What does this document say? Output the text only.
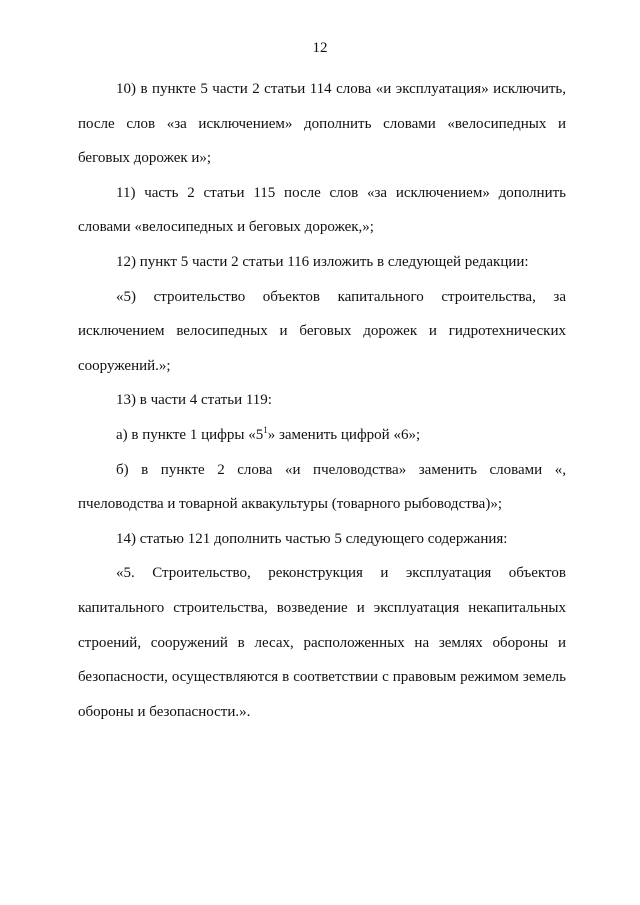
12

10) в пункте 5 части 2 статьи 114 слова «и эксплуатация» исключить, после слов «за исключением» дополнить словами «велосипедных и беговых дорожек и»;

11) часть 2 статьи 115 после слов «за исключением» дополнить словами «велосипедных и беговых дорожек,»;

12) пункт 5 части 2 статьи 116 изложить в следующей редакции:

«5) строительство объектов капитального строительства, за исключением велосипедных и беговых дорожек и гидротехнических сооружений.»;

13) в части 4 статьи 119:

а) в пункте 1 цифры «$5^1$» заменить цифрой «6»;

б) в пункте 2 слова «и пчеловодства» заменить словами «, пчеловодства и товарной аквакультуры (товарного рыбоводства)»;

14) статью 121 дополнить частью 5 следующего содержания:

«5. Строительство, реконструкция и эксплуатация объектов капитального строительства, возведение и эксплуатация некапитальных строений, сооружений в лесах, расположенных на землях обороны и безопасности, осуществляются в соответствии с правовым режимом земель обороны и безопасности.».
